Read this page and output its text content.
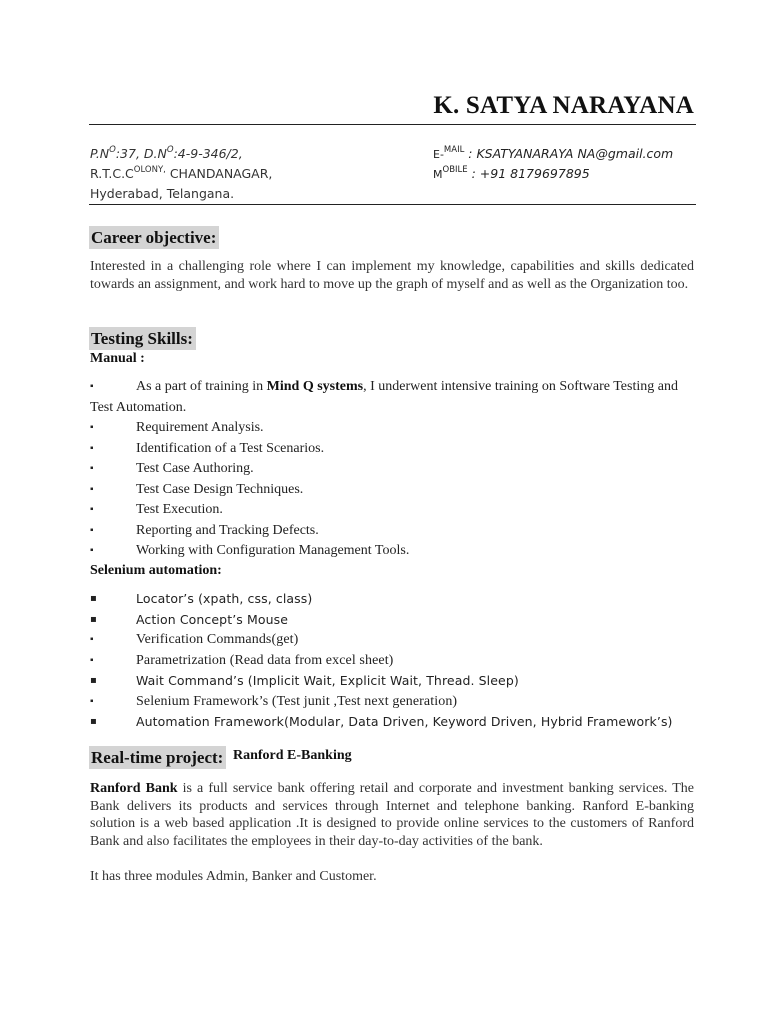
K. SATYA NARAYANA
$P.N^O:37$, $D.N^O:4-9-346/2$,
$R.T.C.C^{OLONY,}$ CHANDANAGAR,
Hyderabad, Telangana.
E-$^{MAIL}$ : KSATYANARAYA NA@gmail.com
$M^{OBILE}$ : +91 8179697895
Career objective:
Interested in a challenging role where I can implement my knowledge, capabilities and skills dedicated towards an assignment, and work hard to move up the graph of myself and as well as the Organization too.
Testing Skills:
Manual :
▪	As a part of training in Mind Q systems, I underwent intensive training on Software Testing and Test Automation.
▪	Requirement Analysis.
▪	Identification of a Test Scenarios.
▪	Test Case Authoring.
▪	Test Case Design Techniques.
▪	Test Execution.
▪	Reporting and Tracking Defects.
▪	Working with Configuration Management Tools.
Selenium automation:
▪	Locator’s (xpath, css, class)
▪	Action Concept’s Mouse
▪	Verification Commands(get)
▪	Parametrization (Read data from excel sheet)
▪	Wait Command’s (Implicit Wait, Explicit Wait, Thread. Sleep)
▪	Selenium Framework’s (Test junit ,Test next generation)
▪	Automation Framework(Modular, Data Driven, Keyword Driven, Hybrid Framework’s)
Real-time project: Ranford E-Banking
Ranford Bank is a full service bank offering retail and corporate and investment banking services. The Bank delivers its products and services through Internet and telephone banking. Ranford E-banking solution is a web based application .It is designed to provide online services to the customers of Ranford Bank and also facilitates the employees in their day-to-day activities of the bank.
It has three modules Admin, Banker and Customer.
